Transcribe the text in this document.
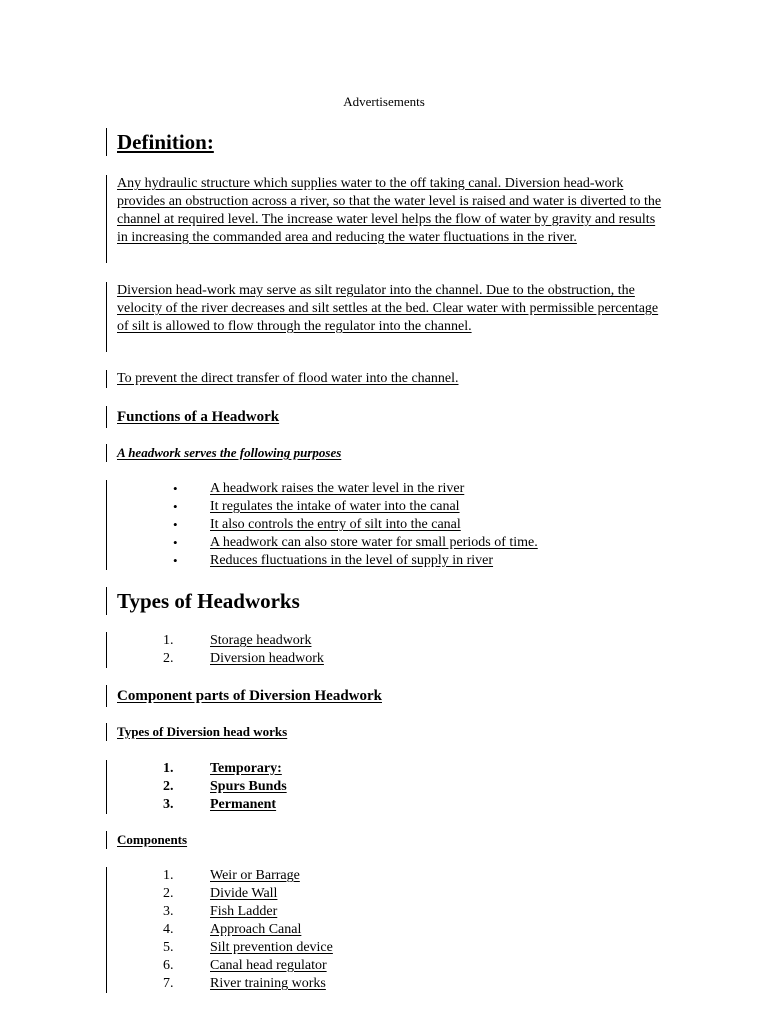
Advertisements
Definition:
Any hydraulic structure which supplies water to the off taking canal. Diversion head-work provides an obstruction across a river, so that the water level is raised and water is diverted to the channel at required level. The increase water level helps the flow of water by gravity and results in increasing the commanded area and reducing the water fluctuations in the river.
Diversion head-work may serve as silt regulator into the channel. Due to the obstruction, the velocity of the river decreases and silt settles at the bed. Clear water with permissible percentage of silt is allowed to flow through the regulator into the channel.
To prevent the direct transfer of flood water into the channel.
Functions of a Headwork
A headwork serves the following purposes
•	A headwork raises the water level in the river
•	It regulates the intake of water into the canal
•	It also controls the entry of silt into the canal
•	A headwork can also store water for small periods of time.
•	Reduces fluctuations in the level of supply in river
Types of Headworks
1.	Storage headwork
2.	Diversion headwork
Component parts of Diversion Headwork
Types of Diversion head works
1.	Temporary:
2.	Spurs Bunds
3.	Permanent
Components
1.	Weir or Barrage
2.	Divide Wall
3.	Fish Ladder
4.	Approach Canal
5.	Silt prevention device
6.	Canal head regulator
7.	River training works
